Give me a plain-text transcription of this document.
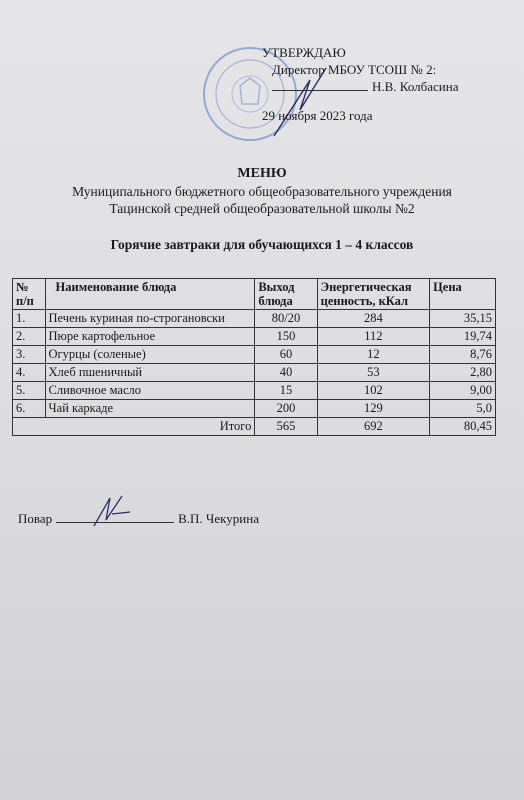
УТВЕРЖДАЮ
Директор МБОУ ТСОШ № 2:
Н.В. Колбасина
29 ноября 2023 года
МЕНЮ
Муниципального бюджетного общеобразовательного учреждения
Тацинской средней общеобразовательной школы №2
Горячие завтраки для обучающихся 1 – 4 классов
№ п/п	Наименование блюда	Выход блюда	Энергетическая ценность, кКал	Цена
1.	Печень куриная по-строгановски	80/20	284	35,15
2.	Пюре картофельное	150	112	19,74
3.	Огурцы (соленые)	60	12	8,76
4.	Хлеб пшеничный	40	53	2,80
5.	Сливочное масло	15	102	9,00
6.	Чай каркаде	200	129	5,0
Итого		565	692	80,45
Повар	В.П. Чекурина
